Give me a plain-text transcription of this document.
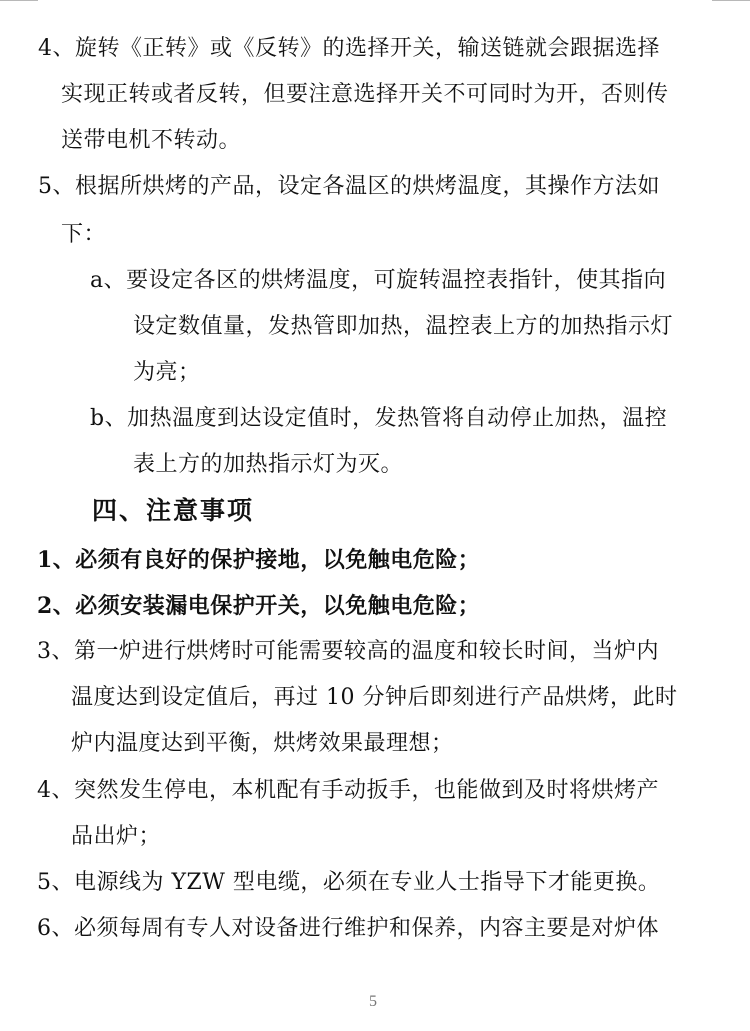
4、旋转《正转》或《反转》的选择开关，输送链就会跟据选择
实现正转或者反转，但要注意选择开关不可同时为开，否则传
送带电机不转动。
5、根据所烘烤的产品，设定各温区的烘烤温度，其操作方法如
下：
a、要设定各区的烘烤温度，可旋转温控表指针，使其指向
设定数值量，发热管即加热，温控表上方的加热指示灯
为亮；
b、加热温度到达设定值时，发热管将自动停止加热，温控
表上方的加热指示灯为灭。
四、注意事项
1、必须有良好的保护接地，以免触电危险；
2、必须安装漏电保护开关，以免触电危险；
3、第一炉进行烘烤时可能需要较高的温度和较长时间，当炉内
温度达到设定值后，再过 10 分钟后即刻进行产品烘烤，此时
炉内温度达到平衡，烘烤效果最理想；
4、突然发生停电，本机配有手动扳手，也能做到及时将烘烤产
品出炉；
5、电源线为 YZW 型电缆，必须在专业人士指导下才能更换。
6、必须每周有专人对设备进行维护和保养，内容主要是对炉体
5
